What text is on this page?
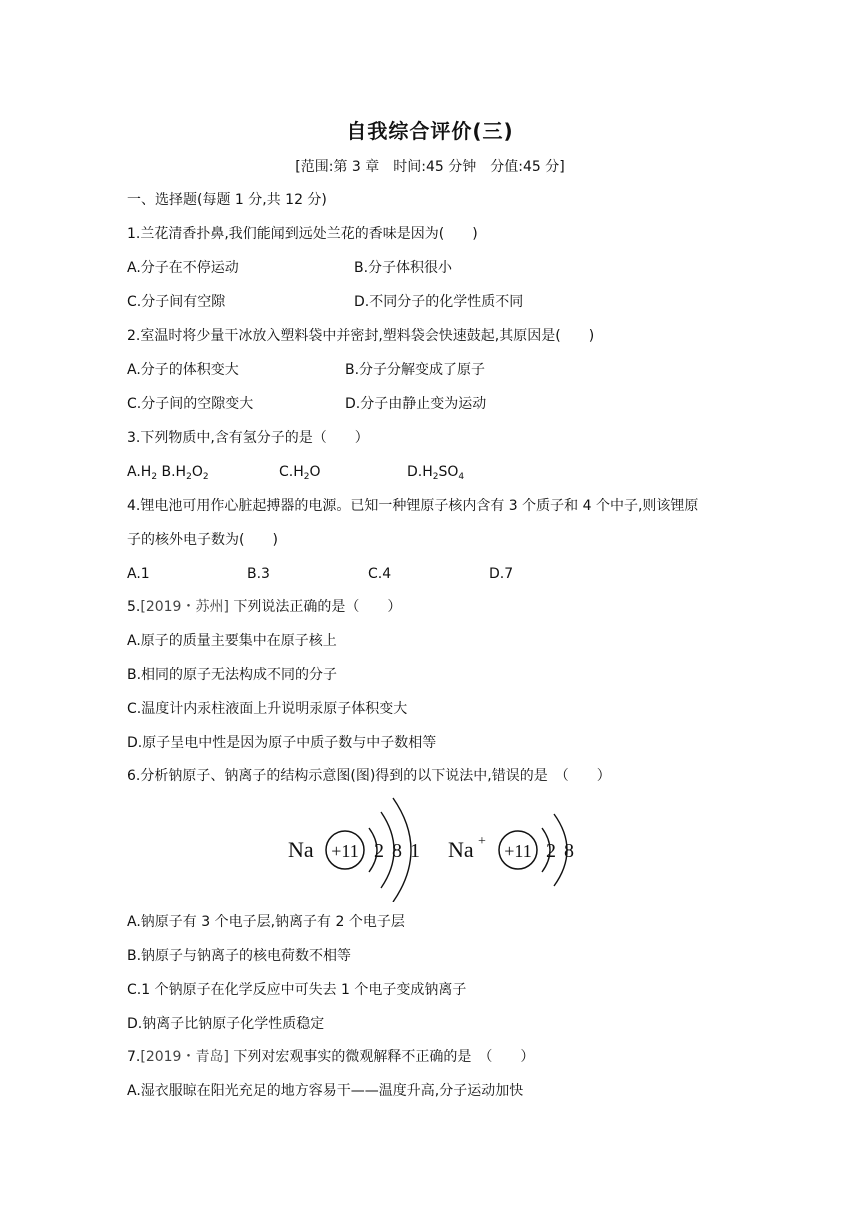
自我综合评价(三)
[范围:第 3 章　时间:45 分钟　分值:45 分]
一、选择题(每题 1 分,共 12 分)
1.兰花清香扑鼻,我们能闻到远处兰花的香味是因为(　　)
A.分子在不停运动	B.分子体积很小
C.分子间有空隙	D.不同分子的化学性质不同
2.室温时将少量干冰放入塑料袋中并密封,塑料袋会快速鼓起,其原因是(　　)
A.分子的体积变大	B.分子分解变成了原子
C.分子间的空隙变大	D.分子由静止变为运动
3.下列物质中,含有氢分子的是（　　）
$A.H_2$ $B.H_2O_2$	$C.H_2O$	$D.H_2SO_4$
4.锂电池可用作心脏起搏器的电源。已知一种锂原子核内含有 3 个质子和 4 个中子,则该锂原
子的核外电子数为(　　)
A.1	B.3	C.4	D.7
5.[2019・苏州] 下列说法正确的是（　　）
A.原子的质量主要集中在原子核上
B.相同的原子无法构成不同的分子
C.温度计内汞柱液面上升说明汞原子体积变大
D.原子呈电中性是因为原子中质子数与中子数相等
6.分析钠原子、钠离子的结构示意图(图)得到的以下说法中,错误的是　（　　）
Na +11 2 8 1 Na + +11 2 8
A.钠原子有 3 个电子层,钠离子有 2 个电子层
B.钠原子与钠离子的核电荷数不相等
C.1 个钠原子在化学反应中可失去 1 个电子变成钠离子
D.钠离子比钠原子化学性质稳定
7.[2019・青岛] 下列对宏观事实的微观解释不正确的是　（　　）
A.湿衣服晾在阳光充足的地方容易干——温度升高,分子运动加快
